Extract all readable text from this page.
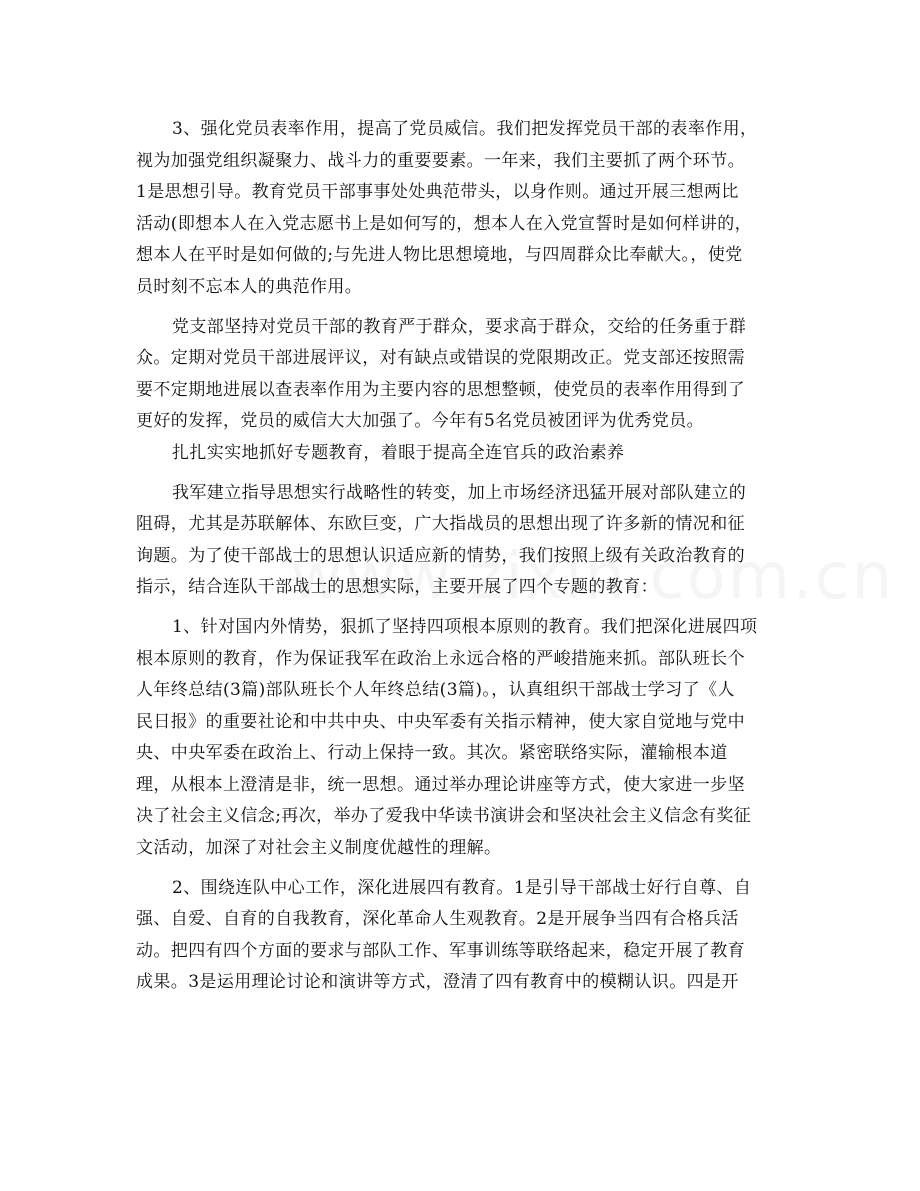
3、强化党员表率作用，提高了党员威信。我们把发挥党员干部的表率作用，
视为加强党组织凝聚力、战斗力的重要要素。一年来，我们主要抓了两个环节。
1是思想引导。教育党员干部事事处处典范带头，以身作则。通过开展三想两比
活动(即想本人在入党志愿书上是如何写的，想本人在入党宣誓时是如何样讲的，
想本人在平时是如何做的;与先进人物比思想境地，与四周群众比奉献大。，使党
员时刻不忘本人的典范作用。
党支部坚持对党员干部的教育严于群众，要求高于群众，交给的任务重于群
众。定期对党员干部进展评议，对有缺点或错误的党限期改正。党支部还按照需
要不定期地进展以查表率作用为主要内容的思想整顿，使党员的表率作用得到了
更好的发挥，党员的威信大大加强了。今年有5名党员被团评为优秀党员。
扎扎实实地抓好专题教育，着眼于提高全连官兵的政治素养
我军建立指导思想实行战略性的转变，加上市场经济迅猛开展对部队建立的
阻碍，尤其是苏联解体、东欧巨变，广大指战员的思想出现了许多新的情况和征
询题。为了使干部战士的思想认识适应新的情势，我们按照上级有关政治教育的
指示，结合连队干部战士的思想实际，主要开展了四个专题的教育：
1、针对国内外情势，狠抓了坚持四项根本原则的教育。我们把深化进展四项
根本原则的教育，作为保证我军在政治上永远合格的严峻措施来抓。部队班长个
人年终总结(3篇)部队班长个人年终总结(3篇)。，认真组织干部战士学习了《人
民日报》的重要社论和中共中央、中央军委有关指示精神，使大家自觉地与党中
央、中央军委在政治上、行动上保持一致。其次。紧密联络实际，灌输根本道
理，从根本上澄清是非，统一思想。通过举办理论讲座等方式，使大家进一步坚
决了社会主义信念;再次，举办了爱我中华读书演讲会和坚决社会主义信念有奖征
文活动，加深了对社会主义制度优越性的理解。
2、围绕连队中心工作，深化进展四有教育。1是引导干部战士好行自尊、自
强、自爱、自育的自我教育，深化革命人生观教育。2是开展争当四有合格兵活
动。把四有四个方面的要求与部队工作、军事训练等联络起来，稳定开展了教育
成果。3是运用理论讨论和演讲等方式，澄清了四有教育中的模糊认识。四是开
